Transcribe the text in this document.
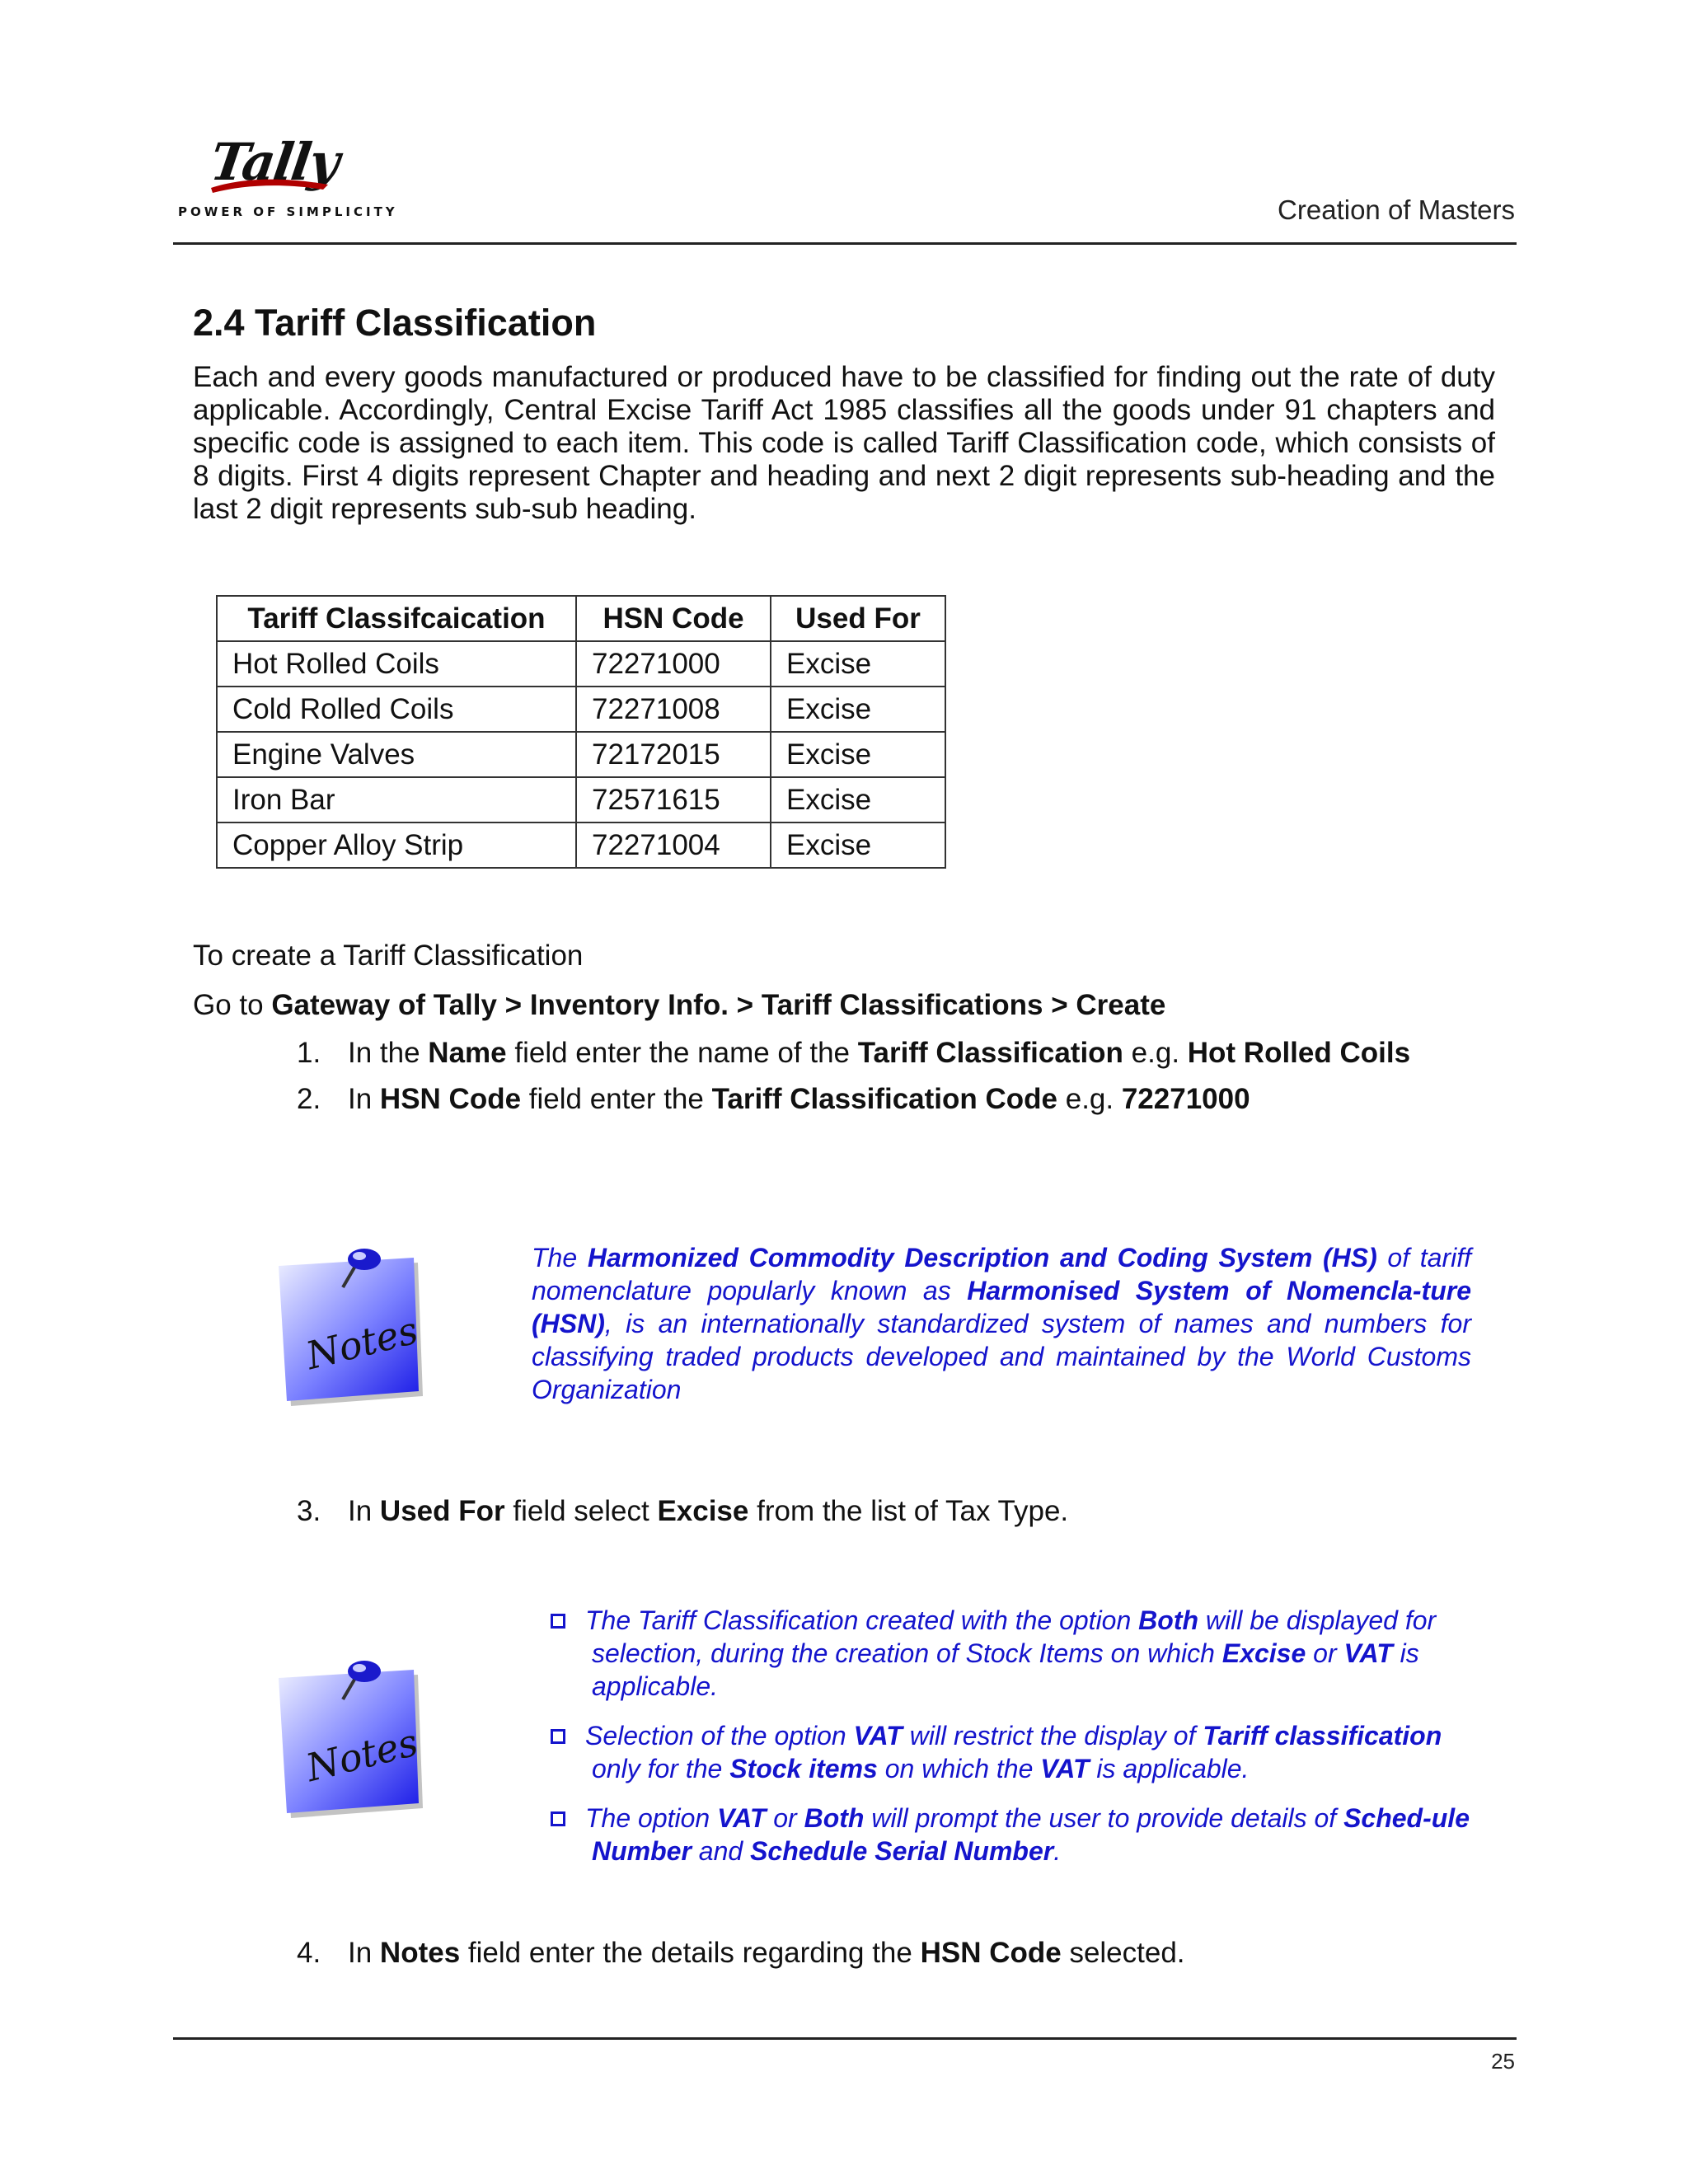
Tally
POWER OF SIMPLICITY	Creation of Masters
2.4 Tariff Classification
Each and every goods manufactured or produced have to be classified for finding out the rate of duty applicable. Accordingly, Central Excise Tariff Act 1985 classifies all the goods under 91 chapters and specific code is assigned to each item. This code is called Tariff Classification code, which consists of 8 digits. First 4 digits represent Chapter and heading and next 2 digit represents sub-heading and the last 2 digit represents sub-sub heading.
Tariff Classifcaication	HSN Code	Used For
Hot Rolled Coils	72271000	Excise
Cold Rolled Coils	72271008	Excise
Engine Valves	72172015	Excise
Iron Bar	72571615	Excise
Copper Alloy Strip	72271004	Excise
To create a Tariff Classification
Go to Gateway of Tally > Inventory Info. > Tariff Classifications > Create
1. In the Name field enter the name of the Tariff Classification e.g. Hot Rolled Coils
2. In HSN Code field enter the Tariff Classification Code e.g. 72271000
Notes
The Harmonized Commodity Description and Coding System (HS) of tariff nomenclature popularly known as Harmonised System of Nomencla-ture (HSN), is an internationally standardized system of names and numbers for classifying traded products developed and maintained by the World Customs Organization
3. In Used For field select Excise from the list of Tax Type.
Notes
The Tariff Classification created with the option Both will be displayed for selection, during the creation of Stock Items on which Excise or VAT is applicable.
Selection of the option VAT will restrict the display of Tariff classification only for the Stock items on which the VAT is applicable.
The option VAT or Both will prompt the user to provide details of Sched-ule Number and Schedule Serial Number.
4. In Notes field enter the details regarding the HSN Code selected.
25
